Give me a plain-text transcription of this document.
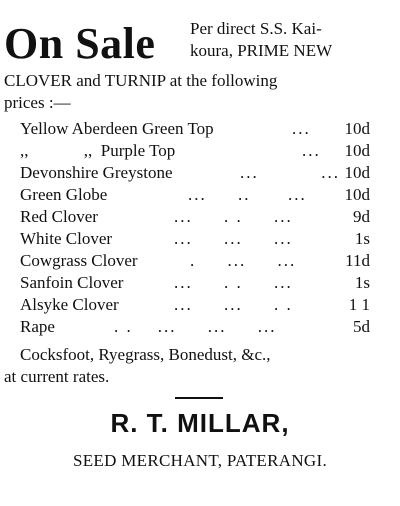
On Sale Per direct S.S. Kai-
koura, PRIME NEW
CLOVER and TURNIP at the following
prices :—
Yellow Aberdeen Green Top	...	10d
,,             ,,  Purple Top	...	10d
Devonshire Greystone	...          ... 10d
Green Globe	...     ..      ...	10d
Red Clover	...     . .     ...	9d
White Clover	...     ...     ...	1s
Cowgrass Clover	.     ...     ...	11d
Sanfoin Clover	...     . .     ...	1s
Alsyke Clover	...     ...     . .	1 1
Rape	. .    ...     ...     ...	5d
Cocksfoot, Ryegrass, Bonedust, &c.,
at current rates.
R. T. MILLAR,
SEED MERCHANT, PATERANGI.
